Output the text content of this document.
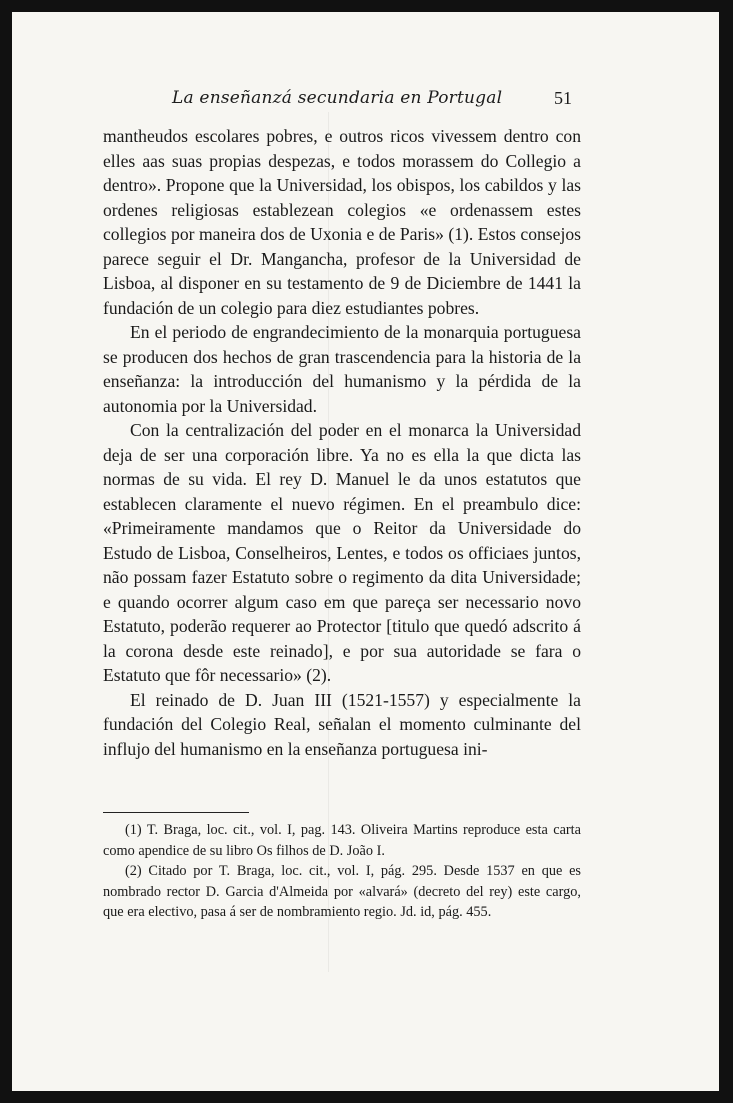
La enseñanzá secundaria en Portugal	51

mantheudos escolares pobres, e outros ricos vivessem dentro con elles aas suas propias despezas, e todos morassem do Collegio a dentro». Propone que la Universidad, los obispos, los cabildos y las ordenes religiosas establezean colegios «e ordenassem estes collegios por maneira dos de Uxonia e de Paris» (1). Estos consejos parece seguir el Dr. Mangancha, profesor de la Universidad de Lisboa, al disponer en su testamento de 9 de Diciembre de 1441 la fundación de un colegio para diez estudiantes pobres.

En el periodo de engrandecimiento de la monarquia portuguesa se producen dos hechos de gran trascendencia para la historia de la enseñanza: la introducción del humanismo y la pérdida de la autonomia por la Universidad.

Con la centralización del poder en el monarca la Universidad deja de ser una corporación libre. Ya no es ella la que dicta las normas de su vida. El rey D. Manuel le da unos estatutos que establecen claramente el nuevo régimen. En el preambulo dice: «Primeiramente mandamos que o Reitor da Universidade do Estudo de Lisboa, Conselheiros, Lentes, e todos os officiaes juntos, não possam fazer Estatuto sobre o regimento da dita Universidade; e quando ocorrer algum caso em que pareça ser necessario novo Estatuto, poderão requerer ao Protector [titulo que quedó adscrito á la corona desde este reinado], e por sua autoridade se fara o Estatuto que fôr necessario» (2).

El reinado de D. Juan III (1521-1557) y especialmente la fundación del Colegio Real, señalan el momento culminante del influjo del humanismo en la enseñanza portuguesa ini-

(1) T. Braga, loc. cit., vol. I, pag. 143. Oliveira Martins reproduce esta carta como apendice de su libro Os filhos de D. João I.

(2) Citado por T. Braga, loc. cit., vol. I, pág. 295. Desde 1537 en que es nombrado rector D. Garcia d'Almeida por «alvará» (decreto del rey) este cargo, que era electivo, pasa á ser de nombramiento regio. Jd. id, pág. 455.
